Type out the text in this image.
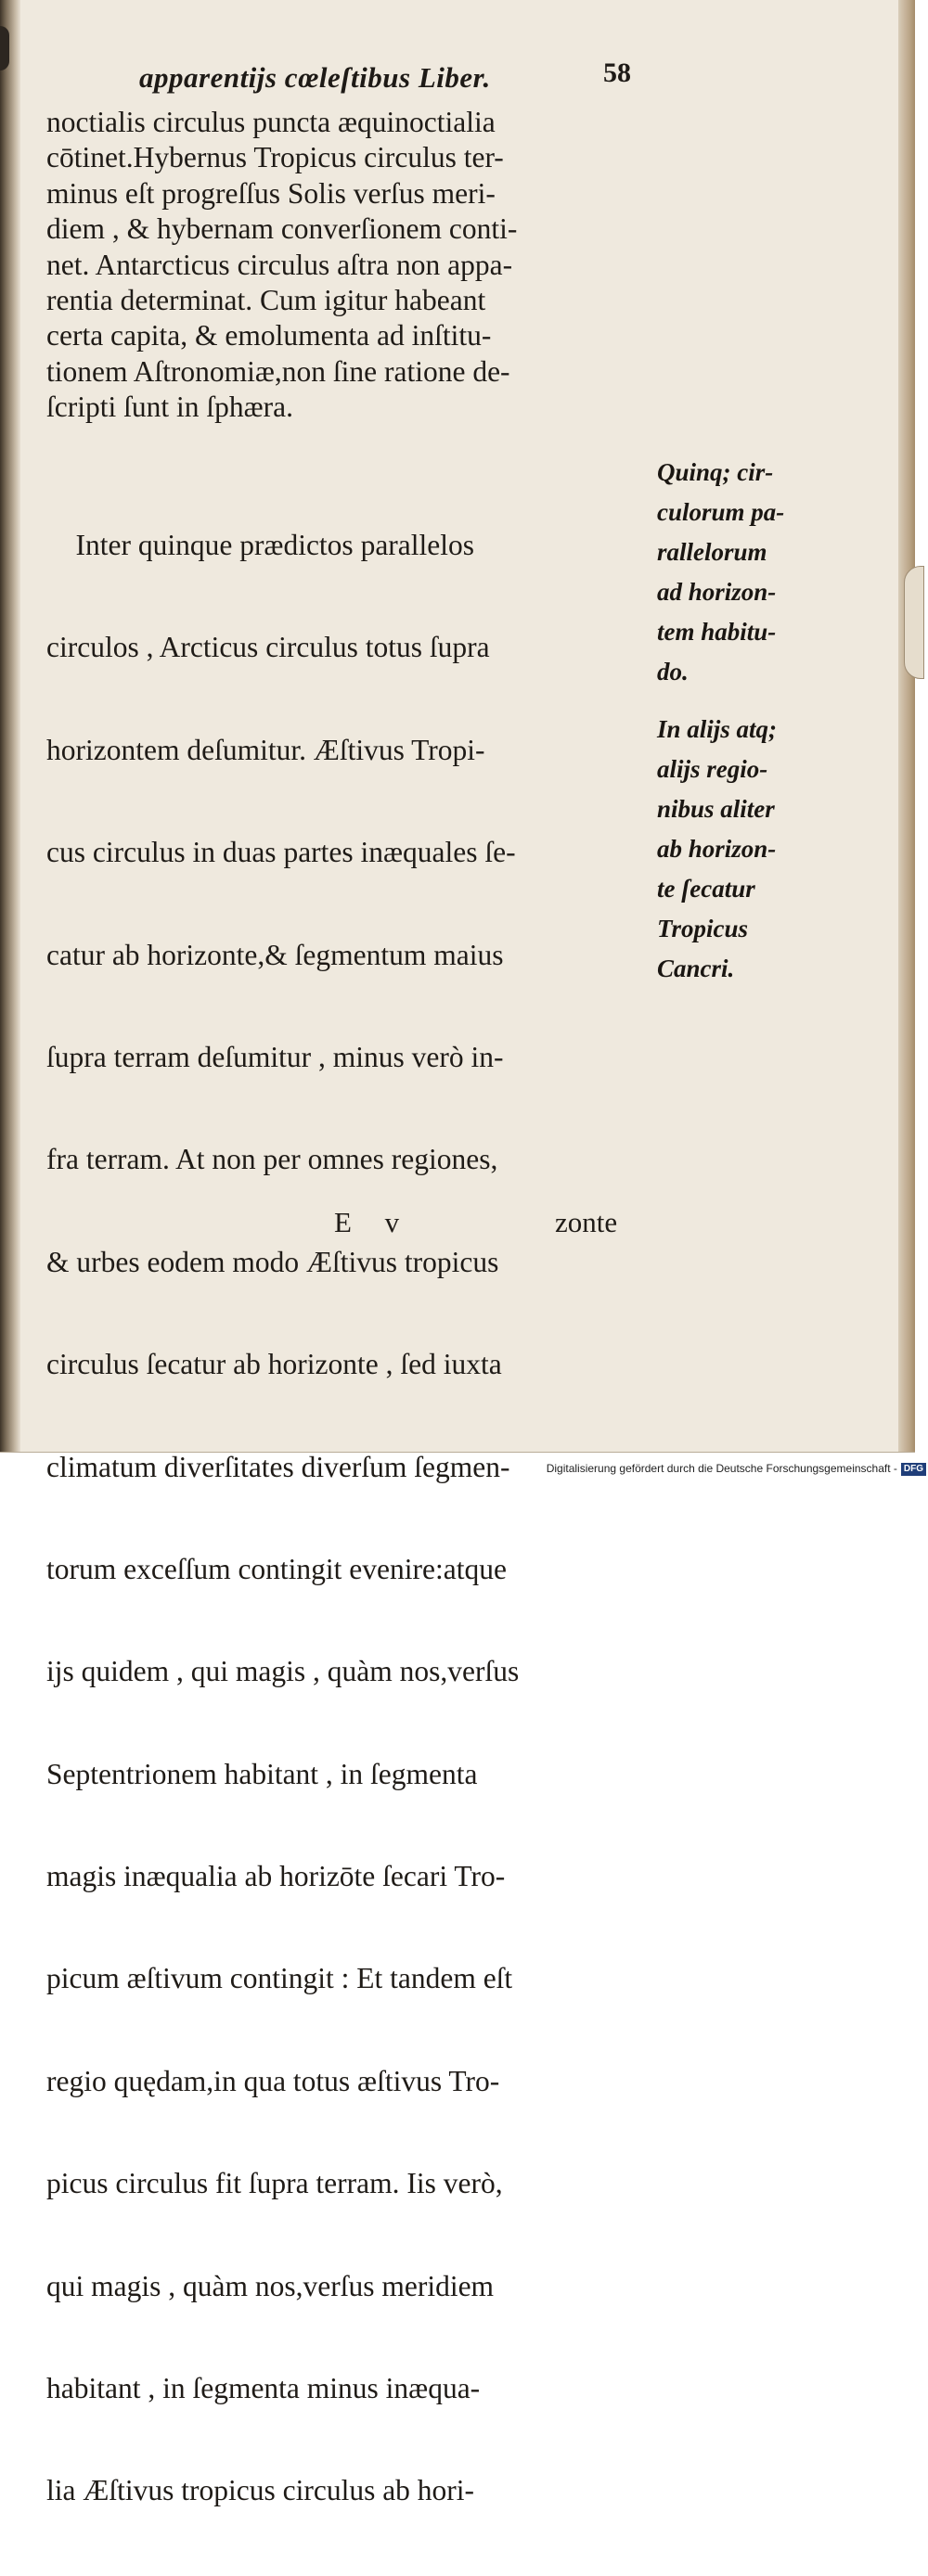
apparentijs cœleſtibus Liber.	58
noctialis circulus puncta æquinoctialia
cōtinet.Hybernus Tropicus circulus ter-
minus eſt progreſſus Solis verſus meri-
diem , & hybernam converſionem conti-
net. Antarcticus circulus aſtra non appa-
rentia determinat. Cum igitur habeant
certa capita, & emolumenta ad inſtitu-
tionem Aſtronomiæ,non ſine ratione de-
ſcripti ſunt in ſphæra.

Inter quinque prædictos parallelos

circulos , Arcticus circulus totus ſupra

horizontem deſumitur. Æſtivus Tropi-

cus circulus in duas partes inæquales ſe-

catur ab horizonte,& ſegmentum maius

ſupra terram deſumitur , minus verò in-

fra terram. At non per omnes regiones,

& urbes eodem modo Æſtivus tropicus

circulus ſecatur ab horizonte , ſed iuxta

climatum diverſitates diverſum ſegmen-

torum exceſſum contingit evenire:atque

ijs quidem , qui magis , quàm nos,verſus

Septentrionem habitant , in ſegmenta

magis inæqualia ab horizōte ſecari Tro-

picum æſtivum contingit : Et tandem eſt

regio quędam,in qua totus æſtivus Tro-

picus circulus fit ſupra terram. Iis verò,

qui magis , quàm nos,verſus meridiem

habitant , in ſegmenta minus inæqua-

lia Æſtivus tropicus circulus ab hori-

Quinq; cir-
culorum pa-
rallelorum
ad horizon-
tem habitu-
do.
In alijs atq;
alijs regio-
nibus aliter
ab horizon-
te ſecatur
Tropicus
Cancri.
E v	zonte
Digitalisierung gefördert durch die Deutsche Forschungsgemeinschaft - DFG
